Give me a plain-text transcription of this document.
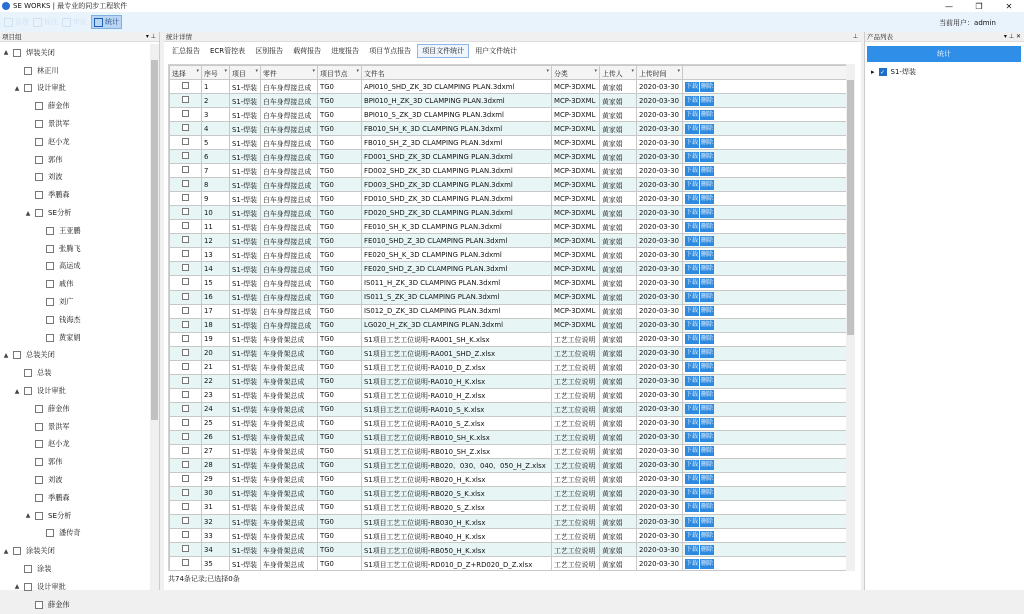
SE WORKS | 最专业的同步工程软件	—	❐	✕
管理 标注 审批	统计	当前用户：admin
项目组	▾ ⊥
▲ 焊装关闭
林正川
▲ 设计审批
薛金伟
景洪军
赵小龙
郭伟
刘波
季鹏森
▲ SE分析
王亚鹏
张腾飞
高运成
戚伟
刘广
钱海杰
黄家娟
▲ 总装关闭
总装
▲ 设计审批
薛金伟
景洪军
赵小龙
郭伟
刘波
季鹏森
▲ SE分析
潘传奇
▲ 涂装关闭
涂装
▲ 设计审批
薛金伟
统计详情	⊥
汇总报告	ECR管控表	区别报告	载荷报告	进度报告	项目节点报告	项目文件统计	用户文件统计
选择 ▾	序号 ▾	项目 ▾	零件 ▾	项目节点 ▾	文件名 ▾	分类 ▾	上传人 ▾	上传时间 ▾	

	1	S1-焊装	白车身焊接总成	TG0	API010_SHD_ZK_3D CLAMPING PLAN.3dxml	MCP-3DXML	黄家娟	2020-03-30	下载 删除
	2	S1-焊装	白车身焊接总成	TG0	BPI010_H_ZK_3D CLAMPING PLAN.3dxml	MCP-3DXML	黄家娟	2020-03-30	下载 删除
	3	S1-焊装	白车身焊接总成	TG0	BPI010_S_ZK_3D CLAMPING PLAN.3dxml	MCP-3DXML	黄家娟	2020-03-30	下载 删除
	4	S1-焊装	白车身焊接总成	TG0	FB010_SH_K_3D CLAMPING PLAN.3dxml	MCP-3DXML	黄家娟	2020-03-30	下载 删除
	5	S1-焊装	白车身焊接总成	TG0	FB010_SH_Z_3D CLAMPING PLAN.3dxml	MCP-3DXML	黄家娟	2020-03-30	下载 删除
	6	S1-焊装	白车身焊接总成	TG0	FD001_SHD_ZK_3D CLAMPING PLAN.3dxml	MCP-3DXML	黄家娟	2020-03-30	下载 删除
	7	S1-焊装	白车身焊接总成	TG0	FD002_SHD_ZK_3D CLAMPING PLAN.3dxml	MCP-3DXML	黄家娟	2020-03-30	下载 删除
	8	S1-焊装	白车身焊接总成	TG0	FD003_SHD_ZK_3D CLAMPING PLAN.3dxml	MCP-3DXML	黄家娟	2020-03-30	下载 删除
	9	S1-焊装	白车身焊接总成	TG0	FD010_SHD_ZK_3D CLAMPING PLAN.3dxml	MCP-3DXML	黄家娟	2020-03-30	下载 删除
	10	S1-焊装	白车身焊接总成	TG0	FD020_SHD_ZK_3D CLAMPING PLAN.3dxml	MCP-3DXML	黄家娟	2020-03-30	下载 删除
	11	S1-焊装	白车身焊接总成	TG0	FE010_SH_K_3D CLAMPING PLAN.3dxml	MCP-3DXML	黄家娟	2020-03-30	下载 删除
	12	S1-焊装	白车身焊接总成	TG0	FE010_SHD_Z_3D CLAMPING PLAN.3dxml	MCP-3DXML	黄家娟	2020-03-30	下载 删除
	13	S1-焊装	白车身焊接总成	TG0	FE020_SH_K_3D CLAMPING PLAN.3dxml	MCP-3DXML	黄家娟	2020-03-30	下载 删除
	14	S1-焊装	白车身焊接总成	TG0	FE020_SHD_Z_3D CLAMPING PLAN.3dxml	MCP-3DXML	黄家娟	2020-03-30	下载 删除
	15	S1-焊装	白车身焊接总成	TG0	IS011_H_ZK_3D CLAMPING PLAN.3dxml	MCP-3DXML	黄家娟	2020-03-30	下载 删除
	16	S1-焊装	白车身焊接总成	TG0	IS011_S_ZK_3D CLAMPING PLAN.3dxml	MCP-3DXML	黄家娟	2020-03-30	下载 删除
	17	S1-焊装	白车身焊接总成	TG0	IS012_D_ZK_3D CLAMPING PLAN.3dxml	MCP-3DXML	黄家娟	2020-03-30	下载 删除
	18	S1-焊装	白车身焊接总成	TG0	LG020_H_ZK_3D CLAMPING PLAN.3dxml	MCP-3DXML	黄家娟	2020-03-30	下载 删除
	19	S1-焊装	车身骨架总成	TG0	S1项目工艺工位说明-RA001_SH_K.xlsx	工艺工位说明	黄家娟	2020-03-30	下载 删除
	20	S1-焊装	车身骨架总成	TG0	S1项目工艺工位说明-RA001_SHD_Z.xlsx	工艺工位说明	黄家娟	2020-03-30	下载 删除
	21	S1-焊装	车身骨架总成	TG0	S1项目工艺工位说明-RA010_D_Z.xlsx	工艺工位说明	黄家娟	2020-03-30	下载 删除
	22	S1-焊装	车身骨架总成	TG0	S1项目工艺工位说明-RA010_H_K.xlsx	工艺工位说明	黄家娟	2020-03-30	下载 删除
	23	S1-焊装	车身骨架总成	TG0	S1项目工艺工位说明-RA010_H_Z.xlsx	工艺工位说明	黄家娟	2020-03-30	下载 删除
	24	S1-焊装	车身骨架总成	TG0	S1项目工艺工位说明-RA010_S_K.xlsx	工艺工位说明	黄家娟	2020-03-30	下载 删除
	25	S1-焊装	车身骨架总成	TG0	S1项目工艺工位说明-RA010_S_Z.xlsx	工艺工位说明	黄家娟	2020-03-30	下载 删除
	26	S1-焊装	车身骨架总成	TG0	S1项目工艺工位说明-RB010_SH_K.xlsx	工艺工位说明	黄家娟	2020-03-30	下载 删除
	27	S1-焊装	车身骨架总成	TG0	S1项目工艺工位说明-RB010_SH_Z.xlsx	工艺工位说明	黄家娟	2020-03-30	下载 删除
	28	S1-焊装	车身骨架总成	TG0	S1项目工艺工位说明-RB020、030、040、050_H_Z.xlsx	工艺工位说明	黄家娟	2020-03-30	下载 删除
	29	S1-焊装	车身骨架总成	TG0	S1项目工艺工位说明-RB020_H_K.xlsx	工艺工位说明	黄家娟	2020-03-30	下载 删除
	30	S1-焊装	车身骨架总成	TG0	S1项目工艺工位说明-RB020_S_K.xlsx	工艺工位说明	黄家娟	2020-03-30	下载 删除
	31	S1-焊装	车身骨架总成	TG0	S1项目工艺工位说明-RB020_S_Z.xlsx	工艺工位说明	黄家娟	2020-03-30	下载 删除
	32	S1-焊装	车身骨架总成	TG0	S1项目工艺工位说明-RB030_H_K.xlsx	工艺工位说明	黄家娟	2020-03-30	下载 删除
	33	S1-焊装	车身骨架总成	TG0	S1项目工艺工位说明-RB040_H_K.xlsx	工艺工位说明	黄家娟	2020-03-30	下载 删除
	34	S1-焊装	车身骨架总成	TG0	S1项目工艺工位说明-RB050_H_K.xlsx	工艺工位说明	黄家娟	2020-03-30	下载 删除
	35	S1-焊装	车身骨架总成	TG0	S1项目工艺工位说明-RD010_D_Z+RD020_D_Z.xlsx	工艺工位说明	黄家娟	2020-03-30	下载 删除
共74条记录;已选择0条
产品列表	▾ ⊥ ✕
统计
▸ ✓ S1-焊装
